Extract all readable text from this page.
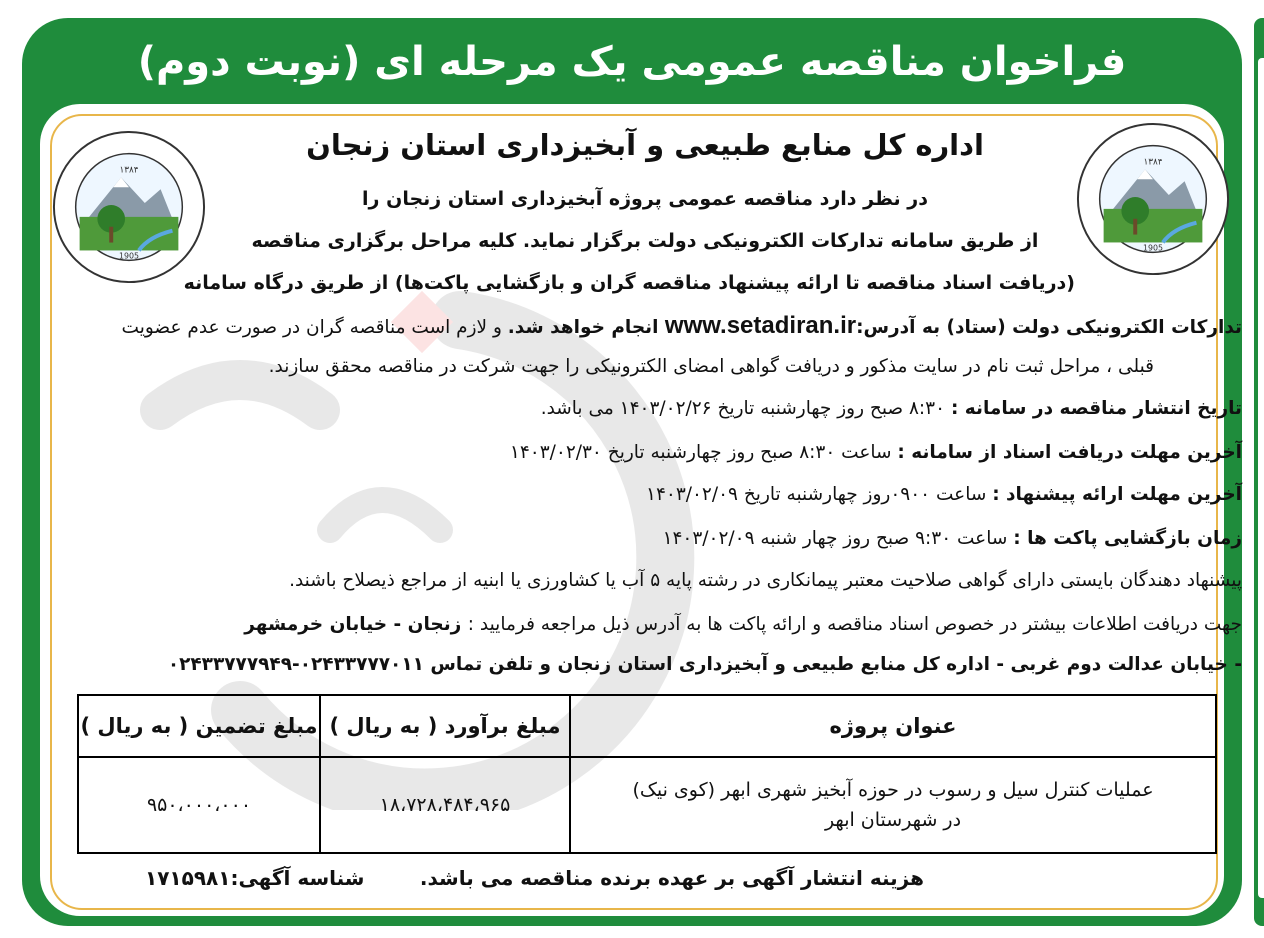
فراخوان مناقصه عمومی یک مرحله ای (نوبت دوم)
۱۳۸۴
1905
۱۳۸۴
1905
اداره کل منابع طبیعی و آبخیزداری استان زنجان
در نظر دارد مناقصه عمومی پروژه آبخیزداری استان زنجان را
از طریق سامانه تدارکات الکترونیکی دولت برگزار نماید. کلیه مراحل برگزاری مناقصه
(دریافت اسناد مناقصه تا ارائه پیشنهاد مناقصه گران و بازگشایی پاکت‌ها) از طریق درگاه سامانه
تدارکات الکترونیکی دولت (ستاد) به آدرس:www.setadiran.ir انجام خواهد شد. و لازم است مناقصه گران در صورت عدم عضویت
قبلی ، مراحل ثبت نام در سایت مذکور و دریافت گواهی امضای الکترونیکی را جهت شرکت در مناقصه محقق سازند.
تاریخ انتشار مناقصه در سامانه : ۸:۳۰ صبح روز چهارشنبه تاریخ ۱۴۰۳/۰۲/۲۶ می باشد.
آخرین مهلت دریافت اسناد از سامانه : ساعت ۸:۳۰ صبح روز چهارشنبه تاریخ ۱۴۰۳/۰۲/۳۰
آخرین مهلت ارائه پیشنهاد : ساعت ۰۹۰۰روز چهارشنبه تاریخ ۱۴۰۳/۰۲/۰۹
زمان بازگشایی پاکت ها : ساعت ۹:۳۰ صبح روز چهار شنبه ۱۴۰۳/۰۲/۰۹
پیشنهاد دهندگان بایستی دارای گواهی صلاحیت معتبر پیمانکاری در رشته پایه ۵ آب یا کشاورزی یا ابنیه از مراجع ذیصلاح باشند.
جهت دریافت اطلاعات بیشتر در خصوص اسناد مناقصه و ارائه پاکت ها به آدرس ذیل مراجعه فرمایید : زنجان - خیابان خرمشهر
- خیابان عدالت دوم غربی - اداره کل منابع طبیعی و آبخیزداری استان زنجان و تلفن تماس ۰۲۴۳۳۷۷۷۰۱۱-۰۲۴۳۳۷۷۷۹۴۹
عنوان پروژه	مبلغ برآورد ( به ریال )	مبلغ تضمین ( به ریال )

عملیات کنترل سیل و رسوب در حوزه آبخیز شهری ابهر (کوی نیک)
در شهرستان ابهر	۱۸،۷۲۸،۴۸۴،۹۶۵	۹۵۰،۰۰۰،۰۰۰
هزینه انتشار آگهی بر عهده برنده مناقصه می باشد.
شناسه آگهی:۱۷۱۵۹۸۱
